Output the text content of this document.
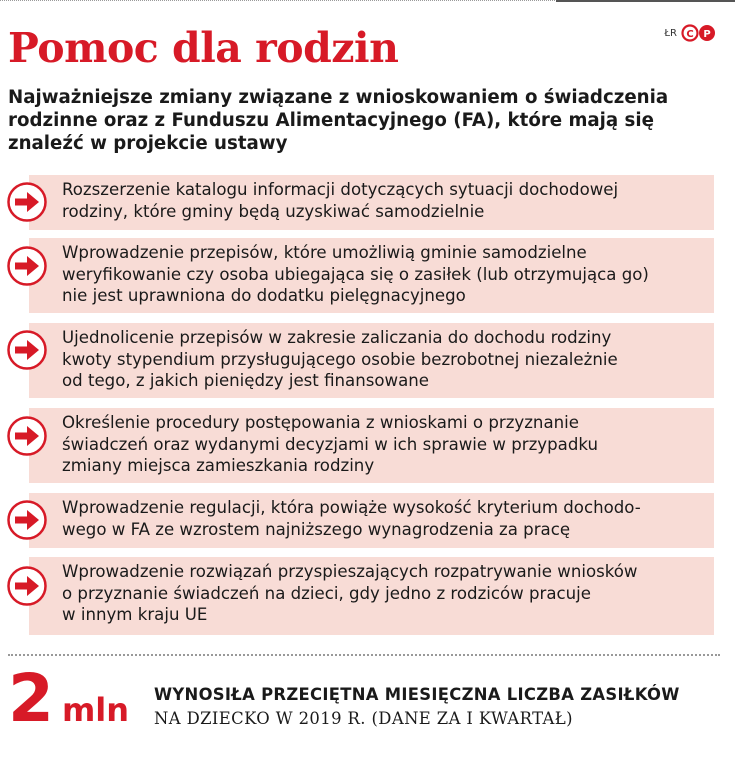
Pomoc dla rodzin	ŁR C P

Najważniejsze zmiany związane z wnioskowaniem o świadczenia rodzinne oraz z Funduszu Alimentacyjnego (FA), które mają się znaleźć w projekcie ustawy

Rozszerzenie katalogu informacji dotyczących sytuacji dochodowej
rodziny, które gminy będą uzyskiwać samodzielnie
Wprowadzenie przepisów, które umożliwią gminie samodzielne
weryfikowanie czy osoba ubiegająca się o zasiłek (lub otrzymująca go)
nie jest uprawniona do dodatku pielęgnacyjnego
Ujednolicenie przepisów w zakresie zaliczania do dochodu rodziny
kwoty stypendium przysługującego osobie bezrobotnej niezależnie
od tego, z jakich pieniędzy jest finansowane
Określenie procedury postępowania z wnioskami o przyznanie
świadczeń oraz wydanymi decyzjami w ich sprawie w przypadku
zmiany miejsca zamieszkania rodziny
Wprowadzenie regulacji, która powiąże wysokość kryterium dochodo-
wego w FA ze wzrostem najniższego wynagrodzenia za pracę
Wprowadzenie rozwiązań przyspieszających rozpatrywanie wniosków
o przyznanie świadczeń na dzieci, gdy jedno z rodziców pracuje
w innym kraju UE
2 mln WYNOSIŁA PRZECIĘTNA MIESIĘCZNA LICZBA ZASIŁKÓW
NA DZIECKO W 2019 R. (DANE ZA I KWARTAŁ)
